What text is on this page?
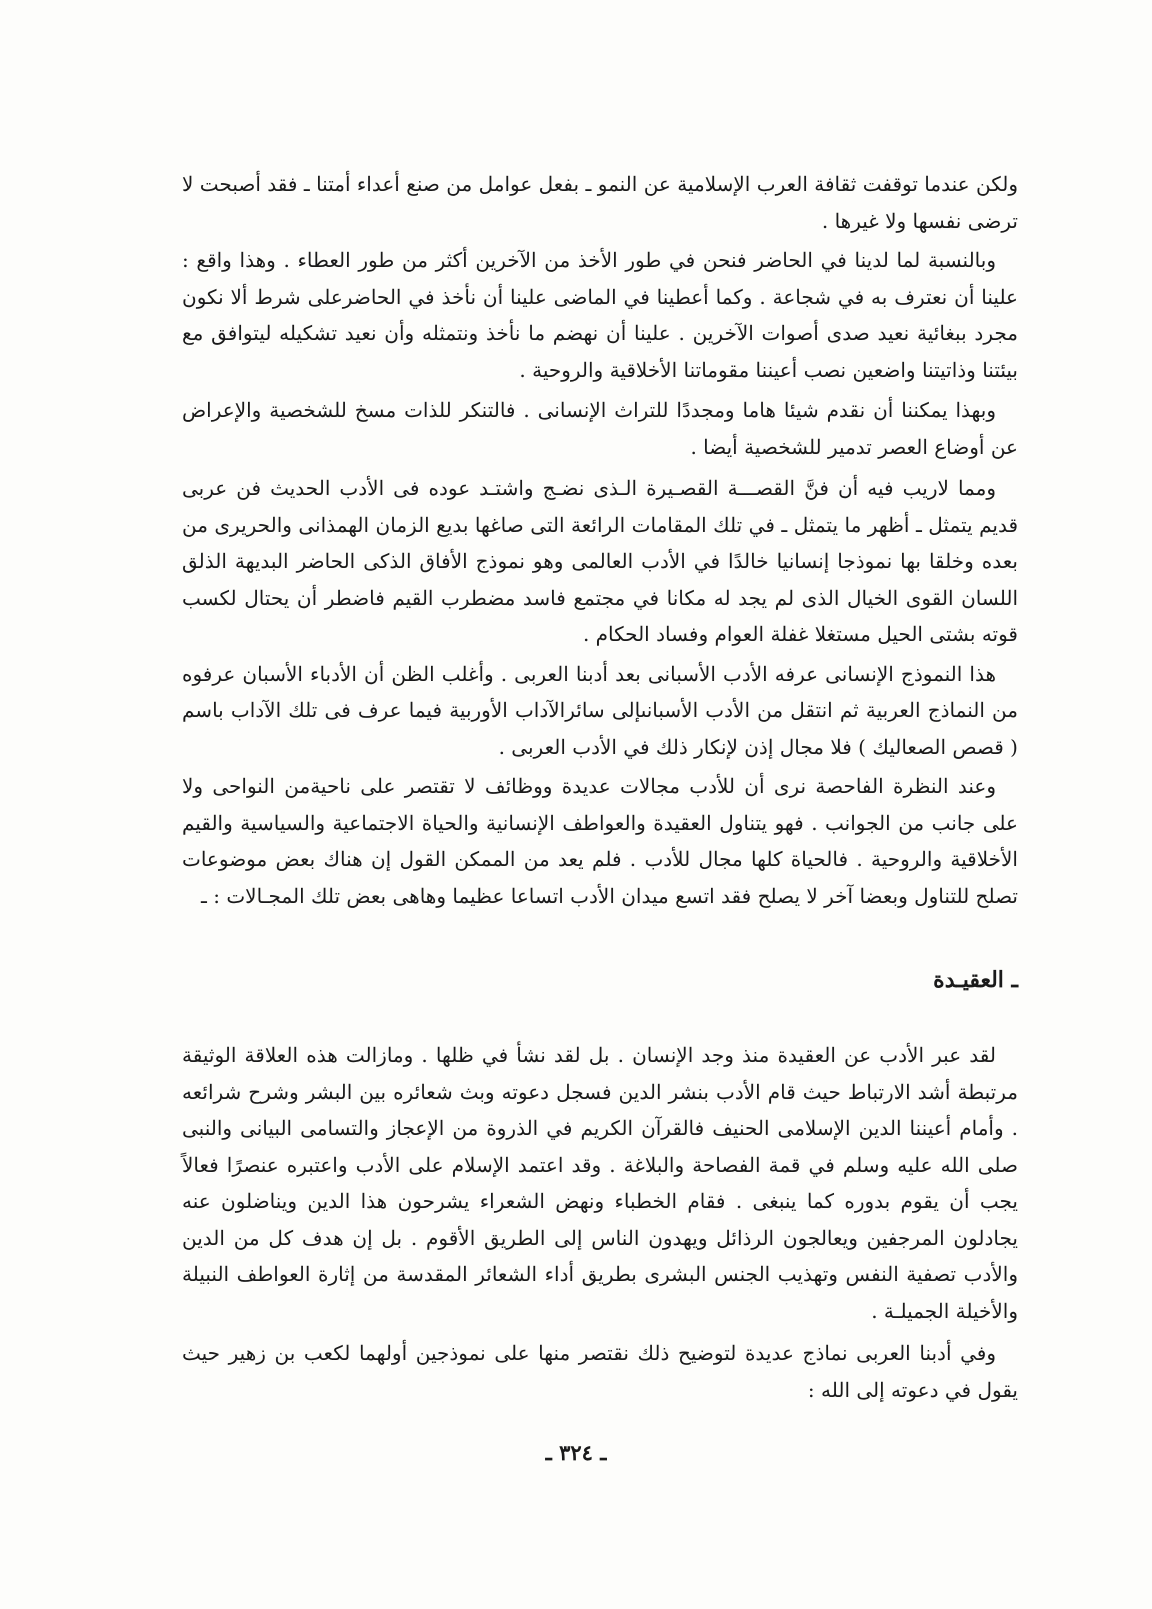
ولكن عندما توقفت ثقافة العرب الإسلامية عن النمو ـ بفعل عوامل من صنع أعداء أمتنا ـ فقد أصبحت لا ترضى نفسها ولا غيرها .

وبالنسبة لما لدينا في الحاضر فنحن في طور الأخذ من الآخرين أكثر من طور العطاء . وهذا واقع : علينا أن نعترف به في شجاعة . وكما أعطينا في الماضى علينا أن نأخذ في الحاضرعلى شرط ألا نكون مجرد ببغائية نعيد صدى أصوات الآخرين . علينا أن نهضم ما نأخذ ونتمثله وأن نعيد تشكيله ليتوافق مع بيئتنا وذاتيتنا واضعين نصب أعيننا مقوماتنا الأخلاقية والروحية .

وبهذا يمكننا أن نقدم شيئا هاما ومجددًا للتراث الإنسانى . فالتنكر للذات مسخ للشخصية والإعراض عن أوضاع العصر تدمير للشخصية أيضا .

ومما لاريب فيه أن فنَّ القصـــة القصـيرة الـذى نضـج واشتـد عوده فى الأدب الحديث فن عربى قديم يتمثل ـ أظهر ما يتمثل ـ في تلك المقامات الرائعة التى صاغها بديع الزمان الهمذانى والحريرى من بعده وخلقا بها نموذجا إنسانيا خالدًا في الأدب العالمى وهو نموذج الأفاق الذكى الحاضر البديهة الذلق اللسان القوى الخيال الذى لم يجد له مكانا في مجتمع فاسد مضطرب القيم فاضطر أن يحتال لكسب قوته بشتى الحيل مستغلا غفلة العوام وفساد الحكام .

هذا النموذج الإنسانى عرفه الأدب الأسبانى بعد أدبنا العربى . وأغلب الظن أن الأدباء الأسبان عرفوه من النماذج العربية ثم انتقل من الأدب الأسبانىإلى سائرالآداب الأوربية فيما عرف فى تلك الآداب باسم ( قصص الصعاليك ) فلا مجال إذن لإنكار ذلك في الأدب العربى .

وعند النظرة الفاحصة نرى أن للأدب مجالات عديدة ووظائف لا تقتصر على ناحيةمن النواحى ولا على جانب من الجوانب . فهو يتناول العقيدة والعواطف الإنسانية والحياة الاجتماعية والسياسية والقيم الأخلاقية والروحية . فالحياة كلها مجال للأدب . فلم يعد من الممكن القول إن هناك بعض موضوعات تصلح للتناول وبعضا آخر لا يصلح فقد اتسع ميدان الأدب اتساعا عظيما وهاهى بعض تلك المجـالات : ـ

ـ العقيـدة

لقد عبر الأدب عن العقيدة منذ وجد الإنسان . بل لقد نشأ في ظلها . ومازالت هذه العلاقة الوثيقة مرتبطة أشد الارتباط حيث قام الأدب بنشر الدين فسجل دعوته وبث شعائره بين البشر وشرح شرائعه . وأمام أعيننا الدين الإسلامى الحنيف فالقرآن الكريم في الذروة من الإعجاز والتسامى البيانى والنبى صلى الله عليه وسلم في قمة الفصاحة والبلاغة . وقد اعتمد الإسلام على الأدب واعتبره عنصرًا فعالاً يجب أن يقوم بدوره كما ينبغى . فقام الخطباء ونهض الشعراء يشرحون هذا الدين ويناضلون عنه يجادلون المرجفين ويعالجون الرذائل ويهدون الناس إلى الطريق الأقوم . بل إن هدف كل من الدين والأدب تصفية النفس وتهذيب الجنس البشرى بطريق أداء الشعائر المقدسة من إثارة العواطف النبيلة والأخيلة الجميلـة .

وفي أدبنا العربى نماذج عديدة لتوضيح ذلك نقتصر منها على نموذجين أولهما لكعب بن زهير حيث يقول في دعوته إلى الله :

ـ ٣٢٤ ـ
